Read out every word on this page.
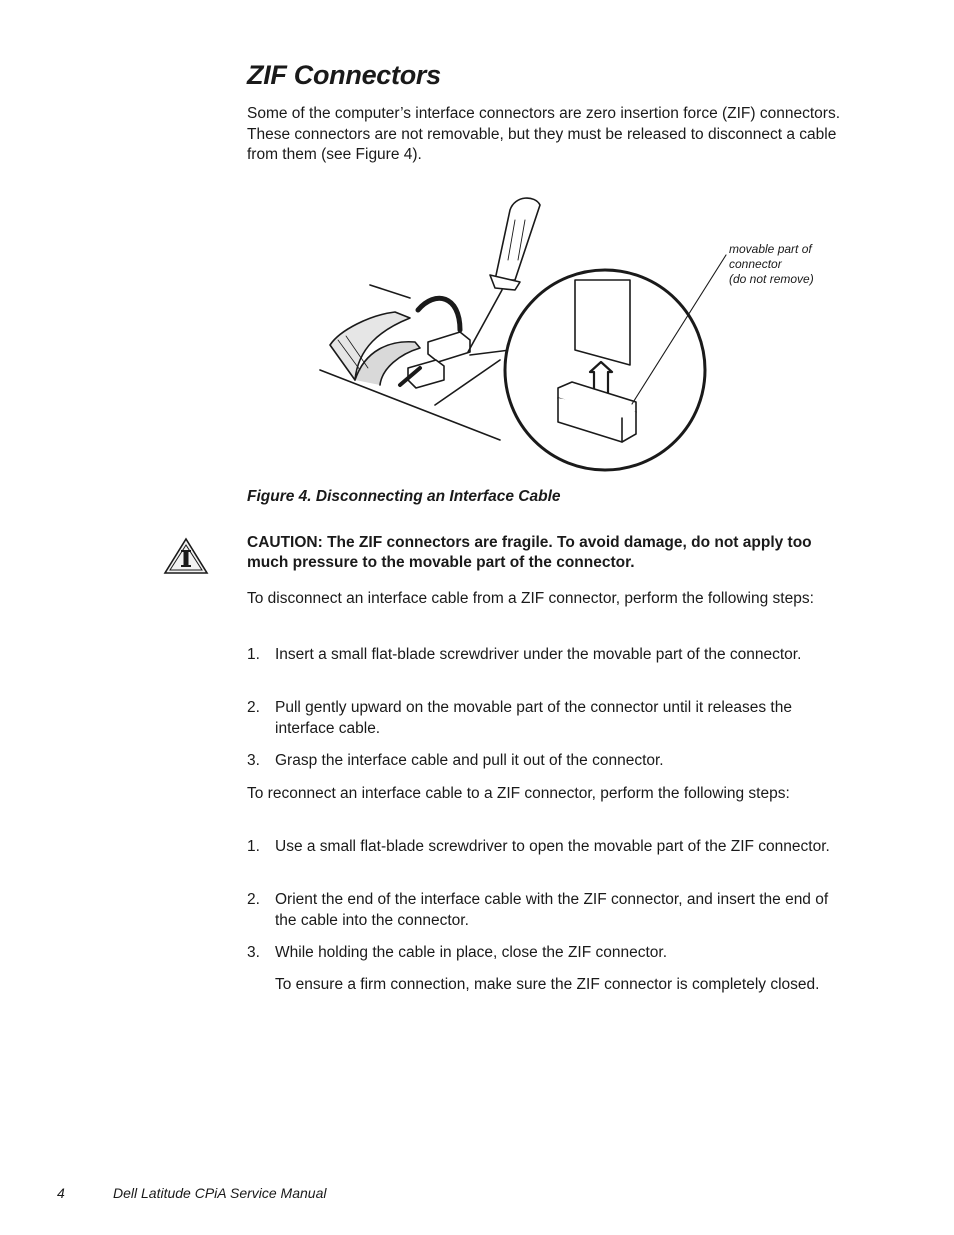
ZIF Connectors

Some of the computer’s interface connectors are zero insertion force (ZIF) connectors. These connectors are not removable, but they must be released to disconnect a cable from them (see Figure 4).

movable part of
connector
(do not remove)

Figure 4. Disconnecting an Interface Cable

CAUTION: The ZIF connectors are fragile. To avoid damage, do not apply too much pressure to the movable part of the connector.

To disconnect an interface cable from a ZIF connector, perform the following steps:

1. Insert a small flat-blade screwdriver under the movable part of the connector.
2. Pull gently upward on the movable part of the connector until it releases the interface cable.
3. Grasp the interface cable and pull it out of the connector.

To reconnect an interface cable to a ZIF connector, perform the following steps:

1. Use a small flat-blade screwdriver to open the movable part of the ZIF connector.
2. Orient the end of the interface cable with the ZIF connector, and insert the end of the cable into the connector.
3. While holding the cable in place, close the ZIF connector.

To ensure a firm connection, make sure the ZIF connector is completely closed.

4	Dell Latitude CPiA Service Manual
